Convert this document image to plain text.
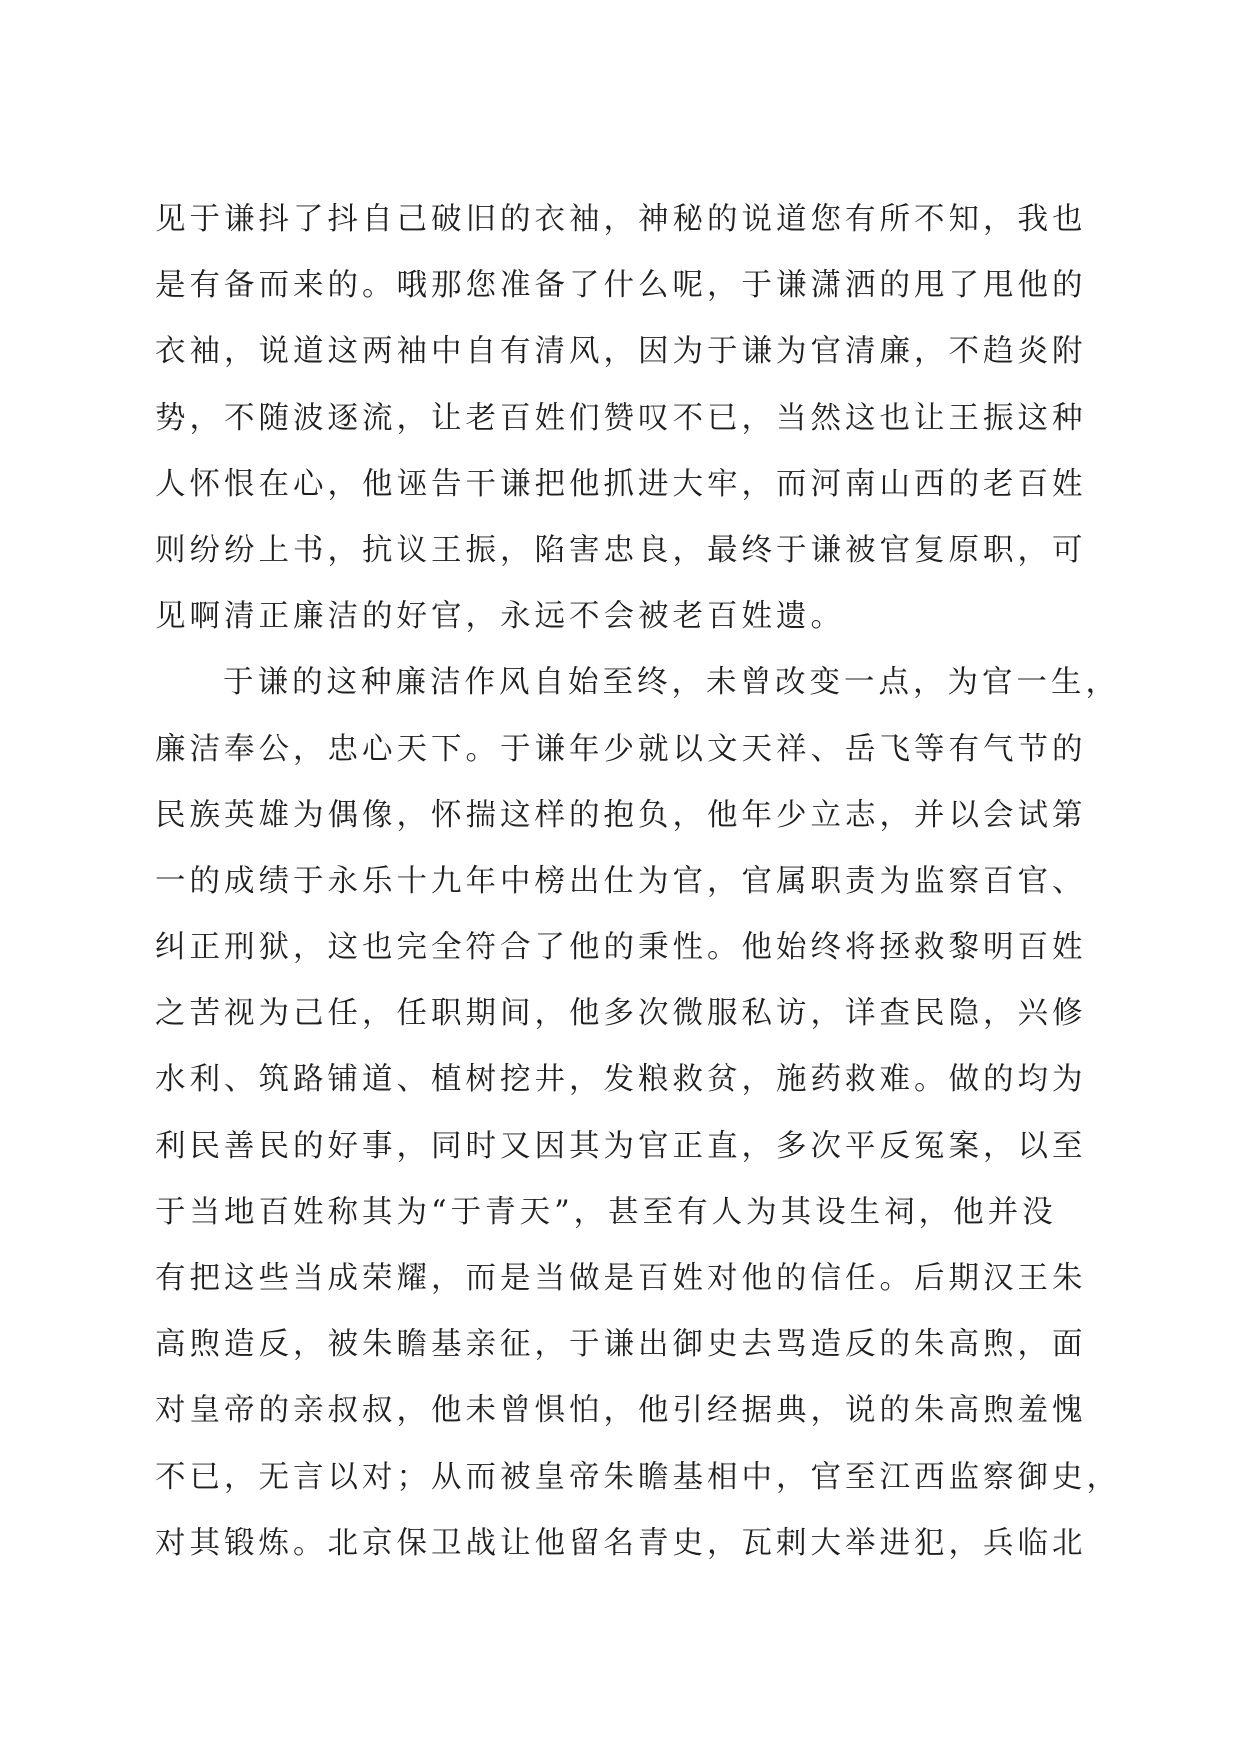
见于谦抖了抖自己破旧的衣袖，神秘的说道您有所不知，我也
是有备而来的。哦那您准备了什么呢，于谦潇洒的甩了甩他的
衣袖，说道这两袖中自有清风，因为于谦为官清廉，不趋炎附
势，不随波逐流，让老百姓们赞叹不已，当然这也让王振这种
人怀恨在心，他诬告干谦把他抓进大牢，而河南山西的老百姓
则纷纷上书，抗议王振，陷害忠良，最终于谦被官复原职，可
见啊清正廉洁的好官，永远不会被老百姓遗。
于谦的这种廉洁作风自始至终，未曾改变一点，为官一生，
廉洁奉公，忠心天下。于谦年少就以文天祥、岳飞等有气节的
民族英雄为偶像，怀揣这样的抱负，他年少立志，并以会试第
一的成绩于永乐十九年中榜出仕为官，官属职责为监察百官、
纠正刑狱，这也完全符合了他的秉性。他始终将拯救黎明百姓
之苦视为己任，任职期间，他多次微服私访，详查民隐，兴修
水利、筑路铺道、植树挖井，发粮救贫，施药救难。做的均为
利民善民的好事，同时又因其为官正直，多次平反冤案，以至
于当地百姓称其为“于青天”，甚至有人为其设生祠，他并没
有把这些当成荣耀，而是当做是百姓对他的信任。后期汉王朱
高煦造反，被朱瞻基亲征，于谦出御史去骂造反的朱高煦，面
对皇帝的亲叔叔，他未曾惧怕，他引经据典，说的朱高煦羞愧
不已，无言以对；从而被皇帝朱瞻基相中，官至江西监察御史，
对其锻炼。北京保卫战让他留名青史，瓦剌大举进犯，兵临北
